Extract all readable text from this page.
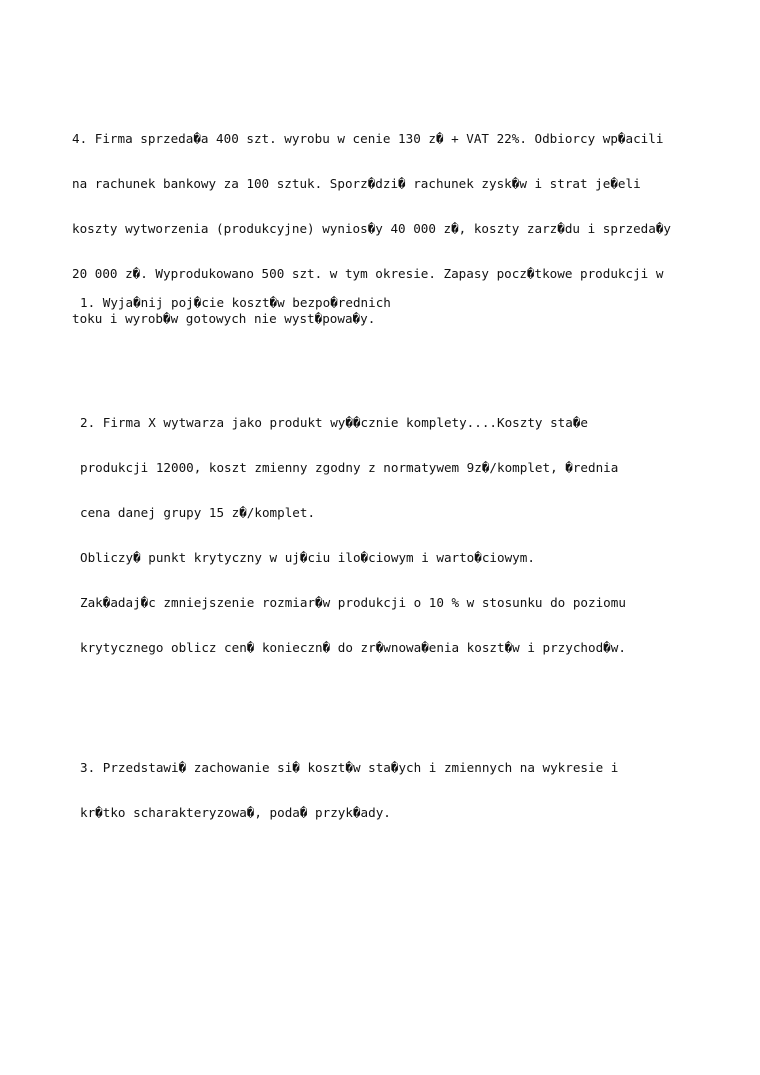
4. Firma sprzeda�a 400 szt. wyrobu w cenie 130 z� + VAT 22%. Odbiorcy wp�acili

na rachunek bankowy za 100 sztuk. Sporz�dzi� rachunek zysk�w i strat je�eli

koszty wytworzenia (produkcyjne) wynios�y 40 000 z�, koszty zarz�du i sprzeda�y

20 000 z�. Wyprodukowano 500 szt. w tym okresie. Zapasy pocz�tkowe produkcji w

toku i wyrob�w gotowych nie wyst�powa�y.

1. Wyja�nij poj�cie koszt�w bezpo�rednich

2. Firma X wytwarza jako produkt wy��cznie komplety....Koszty sta�e

produkcji 12000, koszt zmienny zgodny z normatywem 9z�/komplet, �rednia

cena danej grupy 15 z�/komplet.

Obliczy� punkt krytyczny w uj�ciu ilo�ciowym i warto�ciowym.

Zak�adaj�c zmniejszenie rozmiar�w produkcji o 10 % w stosunku do poziomu

krytycznego oblicz cen� konieczn� do zr�wnowa�enia koszt�w i przychod�w.

3. Przedstawi� zachowanie si� koszt�w sta�ych i zmiennych na wykresie i

kr�tko scharakteryzowa�, poda� przyk�ady.
